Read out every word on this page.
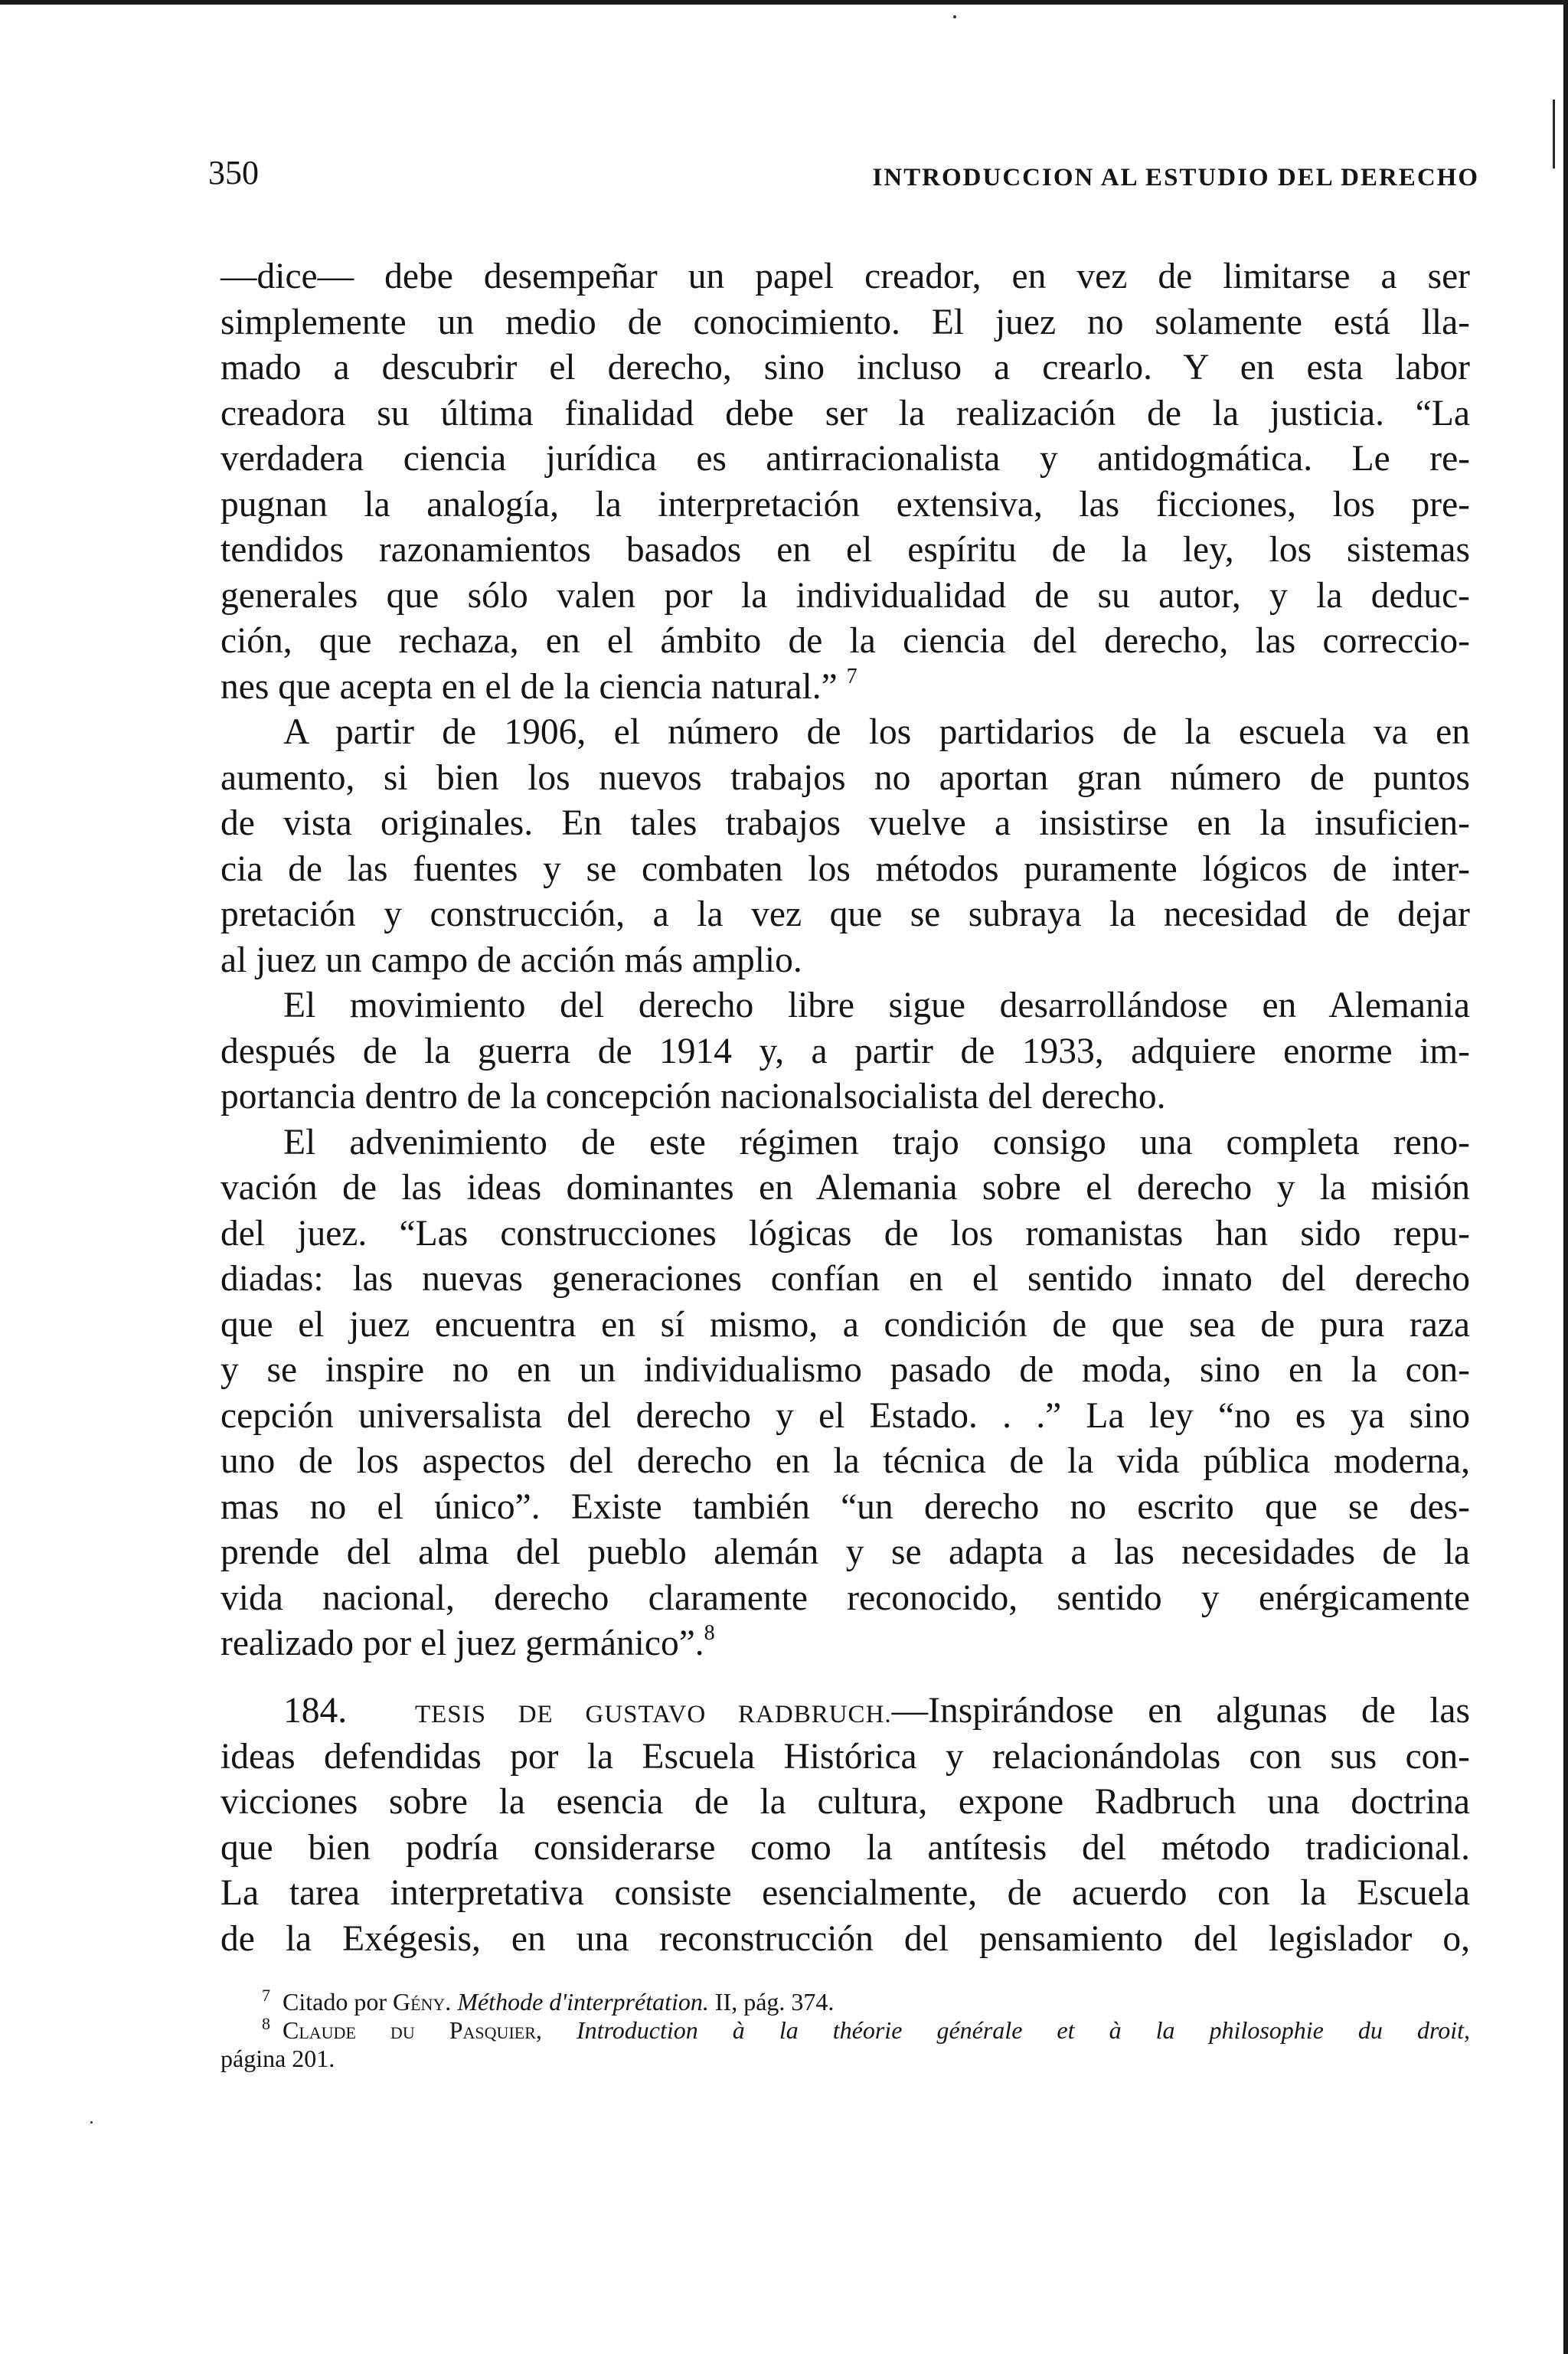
350	INTRODUCCION AL ESTUDIO DEL DERECHO
—dice— debe desempeñar un papel creador, en vez de limitarse a ser
simplemente un medio de conocimiento. El juez no solamente está lla-
mado a descubrir el derecho, sino incluso a crearlo. Y en esta labor
creadora su última finalidad debe ser la realización de la justicia. “La
verdadera ciencia jurídica es antirracionalista y antidogmática. Le re-
pugnan la analogía, la interpretación extensiva, las ficciones, los pre-
tendidos razonamientos basados en el espíritu de la ley, los sistemas
generales que sólo valen por la individualidad de su autor, y la deduc-
ción, que rechaza, en el ámbito de la ciencia del derecho, las correccio-
nes que acepta en el de la ciencia natural.” $^7$
A partir de 1906, el número de los partidarios de la escuela va en
aumento, si bien los nuevos trabajos no aportan gran número de puntos
de vista originales. En tales trabajos vuelve a insistirse en la insuficien-
cia de las fuentes y se combaten los métodos puramente lógicos de inter-
pretación y construcción, a la vez que se subraya la necesidad de dejar
al juez un campo de acción más amplio.
El movimiento del derecho libre sigue desarrollándose en Alemania
después de la guerra de 1914 y, a partir de 1933, adquiere enorme im-
portancia dentro de la concepción nacionalsocialista del derecho.
El advenimiento de este régimen trajo consigo una completa reno-
vación de las ideas dominantes en Alemania sobre el derecho y la misión
del juez. “Las construcciones lógicas de los romanistas han sido repu-
diadas: las nuevas generaciones confían en el sentido innato del derecho
que el juez encuentra en sí mismo, a condición de que sea de pura raza
y se inspire no en un individualismo pasado de moda, sino en la con-
cepción universalista del derecho y el Estado. . .” La ley “no es ya sino
uno de los aspectos del derecho en la técnica de la vida pública moderna,
mas no el único”. Existe también “un derecho no escrito que se des-
prende del alma del pueblo alemán y se adapta a las necesidades de la
vida nacional, derecho claramente reconocido, sentido y enérgicamente
realizado por el juez germánico”.$^8$
184.	TESIS DE GUSTAVO RADBRUCH.—Inspirándose en algunas de las
ideas defendidas por la Escuela Histórica y relacionándolas con sus con-
vicciones sobre la esencia de la cultura, expone Radbruch una doctrina
que bien podría considerarse como la antítesis del método tradicional.
La tarea interpretativa consiste esencialmente, de acuerdo con la Escuela
de la Exégesis, en una reconstrucción del pensamiento del legislador o,
$^7$ Citado por Gény. Méthode d'interprétation. II, pág. 374.
$^8$ Claude du Pasquier, Introduction à la théorie générale et à la philosophie du droit,
página 201.
